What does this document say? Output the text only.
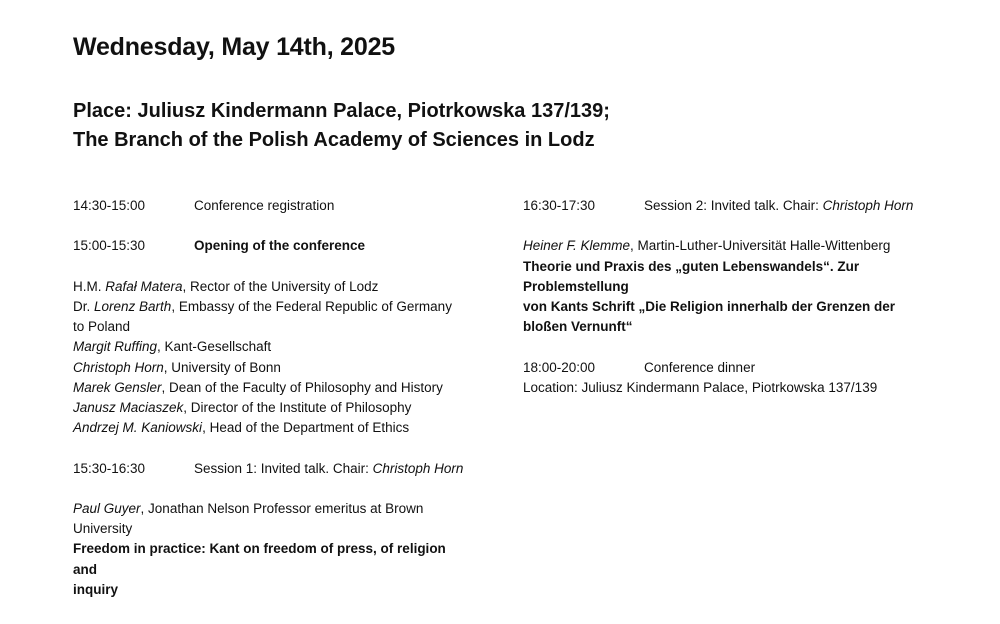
Wednesday, May 14th, 2025
Place: Juliusz Kindermann Palace, Piotrkowska 137/139;
The Branch of the Polish Academy of Sciences in Lodz
14:30-15:00	Conference registration
15:00-15:30	Opening of the conference
H.M. Rafał Matera, Rector of the University of Lodz
Dr. Lorenz Barth, Embassy of the Federal Republic of Germany
to Poland
Margit Ruffing, Kant-Gesellschaft
Christoph Horn, University of Bonn
Marek Gensler, Dean of the Faculty of Philosophy and History
Janusz Maciaszek, Director of the Institute of Philosophy
Andrzej M. Kaniowski, Head of the Department of Ethics
15:30-16:30	Session 1: Invited talk. Chair: Christoph Horn
Paul Guyer, Jonathan Nelson Professor emeritus at Brown
University
Freedom in practice: Kant on freedom of press, of religion and
inquiry
16:30-17:30	Session 2: Invited talk. Chair: Christoph Horn
Heiner F. Klemme, Martin-Luther-Universität Halle-Wittenberg
Theorie und Praxis des „guten Lebenswandels“. Zur
Problemstellung
von Kants Schrift „Die Religion innerhalb der Grenzen der
bloßen Vernunft“
18:00-20:00	Conference dinner
Location: Juliusz Kindermann Palace, Piotrkowska 137/139
